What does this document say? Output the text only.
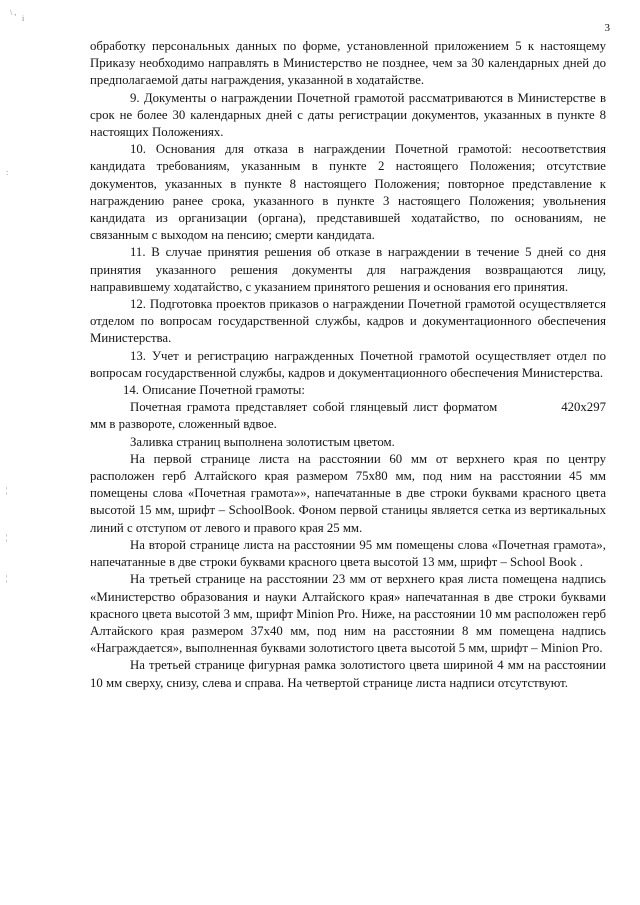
\ ,
i
:
¦
¦
¦
3

обработку персональных данных по форме, установленной приложением 5 к настоящему Приказу необходимо направлять в Министерство не позднее, чем за 30 календарных дней до предполагаемой даты награждения, указанной в ходатайстве.

9. Документы о награждении Почетной грамотой рассматриваются в Министерстве в срок не более 30 календарных дней с даты регистрации документов, указанных в пункте 8 настоящих Положениях.

10. Основания для отказа в награждении Почетной грамотой: несоответствия кандидата требованиям, указанным в пункте 2 настоящего Положения; отсутствие документов, указанных в пункте 8 настоящего Положения; повторное представление к награждению ранее срока, указанного в пункте 3 настоящего Положения; увольнения кандидата из организации (органа), представившей ходатайство, по основаниям, не связанным с выходом на пенсию; смерти кандидата.

11. В случае принятия решения об отказе в награждении в течение 5 дней со дня принятия указанного решения документы для награждения возвращаются лицу, направившему ходатайство, с указанием принятого решения и основания его принятия.

12. Подготовка проектов приказов о награждении Почетной грамотой осуществляется отделом по вопросам государственной службы, кадров и документационного обеспечения Министерства.

13. Учет и регистрацию награжденных Почетной грамотой осуществляет отдел по вопросам государственной службы, кадров и документационного обеспечения Министерства.

14. Описание Почетной грамоты:

Почетная грамота представляет собой глянцевый лист форматом	420х297 мм в развороте, сложенный вдвое.

Заливка страниц выполнена золотистым цветом.

На первой странице листа на расстоянии 60 мм от верхнего края по центру расположен герб Алтайского края размером 75х80 мм, под ним на расстоянии 45 мм помещены слова «Почетная грамота»», напечатанные в две строки буквами красного цвета высотой 15 мм, шрифт – SchoolBook. Фоном первой станицы является сетка из вертикальных линий с отступом от левого и правого края 25 мм.

На второй странице листа на расстоянии 95 мм помещены слова «Почетная грамота», напечатанные в две строки буквами красного цвета высотой 13 мм, шрифт – School Book .

На третьей странице на расстоянии 23 мм от верхнего края листа помещена надпись «Министерство образования и науки Алтайского края» напечатанная в две строки буквами красного цвета высотой 3 мм, шрифт Minion Pro. Ниже, на расстоянии 10 мм расположен герб Алтайского края размером 37х40 мм, под ним на расстоянии 8 мм помещена надпись «Награждается», выполненная буквами золотистого цвета высотой 5 мм, шрифт – Minion Pro.

На третьей странице фигурная рамка золотистого цвета шириной 4 мм на расстоянии 10 мм сверху, снизу, слева и справа. На четвертой странице листа надписи отсутствуют.
